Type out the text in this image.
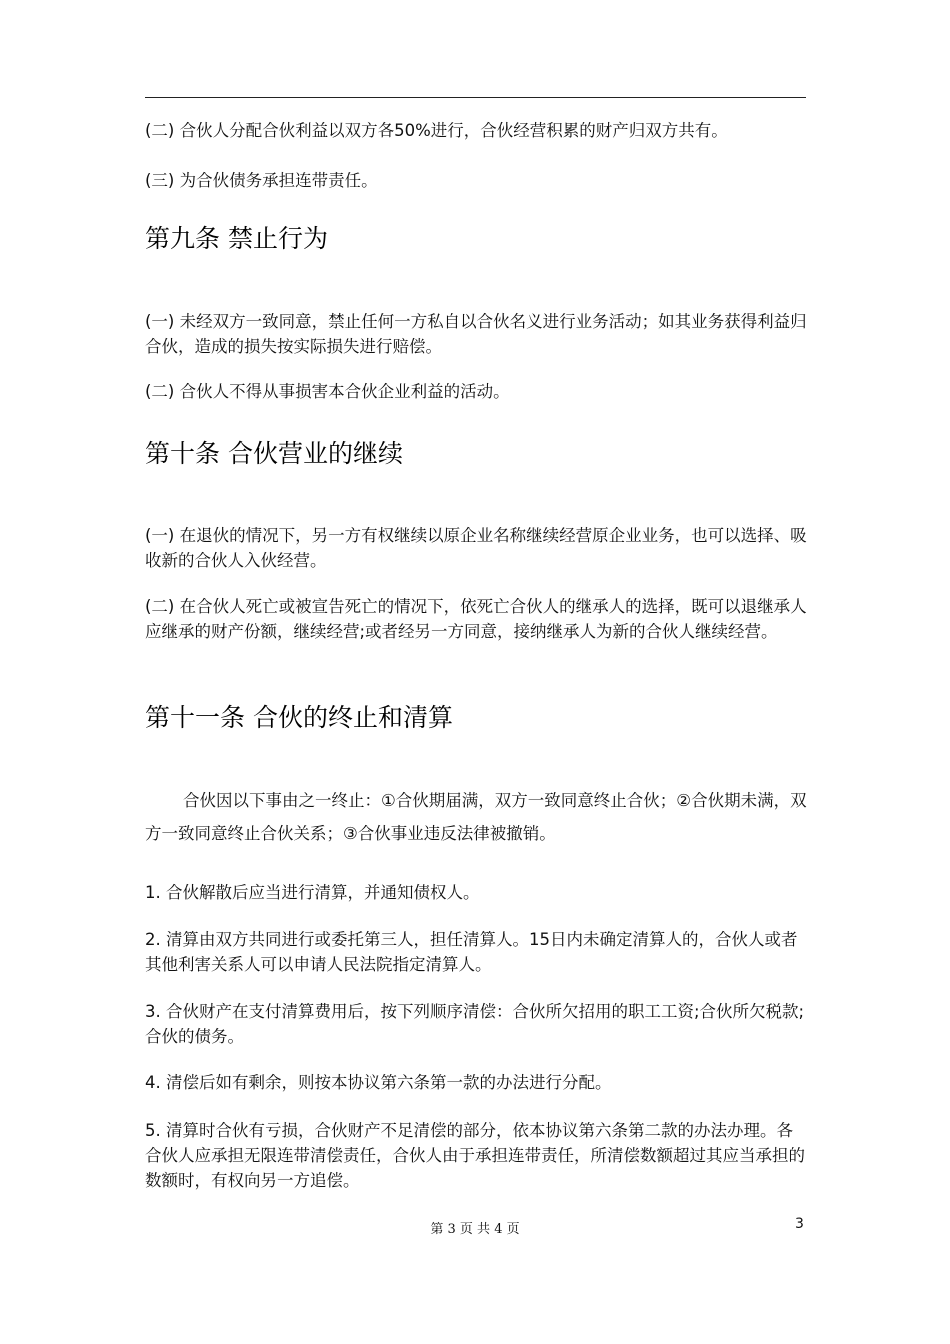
(二) 合伙人分配合伙利益以双方各50%进行，合伙经营积累的财产归双方共有。

(三) 为合伙债务承担连带责任。

第九条 禁止行为

(一) 未经双方一致同意，禁止任何一方私自以合伙名义进行业务活动；如其业务获得利益归合伙，造成的损失按实际损失进行赔偿。

(二) 合伙人不得从事损害本合伙企业利益的活动。

第十条 合伙营业的继续

(一) 在退伙的情况下，另一方有权继续以原企业名称继续经营原企业业务，也可以选择、吸收新的合伙人入伙经营。

(二) 在合伙人死亡或被宣告死亡的情况下，依死亡合伙人的继承人的选择，既可以退继承人应继承的财产份额，继续经营;或者经另一方同意，接纳继承人为新的合伙人继续经营。

第十一条 合伙的终止和清算

合伙因以下事由之一终止：①合伙期届满，双方一致同意终止合伙；②合伙期未满，双方一致同意终止合伙关系；③合伙事业违反法律被撤销。

1. 合伙解散后应当进行清算，并通知债权人。

2. 清算由双方共同进行或委托第三人，担任清算人。15日内未确定清算人的，合伙人或者其他利害关系人可以申请人民法院指定清算人。

3. 合伙财产在支付清算费用后，按下列顺序清偿：合伙所欠招用的职工工资;合伙所欠税款;合伙的债务。

4. 清偿后如有剩余，则按本协议第六条第一款的办法进行分配。

5. 清算时合伙有亏损，合伙财产不足清偿的部分，依本协议第六条第二款的办法办理。各合伙人应承担无限连带清偿责任，合伙人由于承担连带责任，所清偿数额超过其应当承担的数额时，有权向另一方追偿。

第 3 页 共 4 页	3
